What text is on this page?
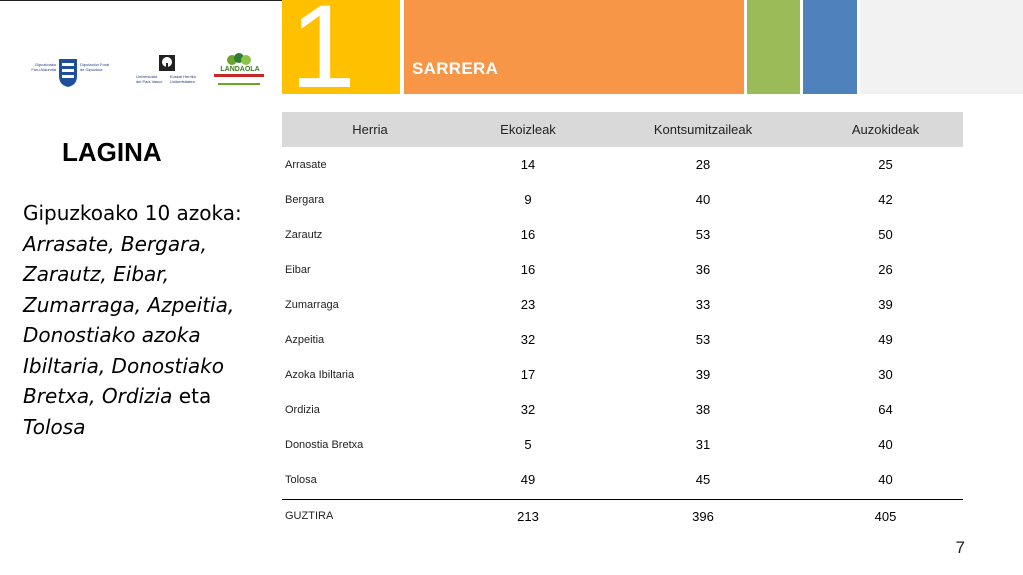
1	SARRERA
Gipuzkoako
Foru Aldundia
Diputación Foral
de Gipuzkoa
Universidad
del País Vasco
Euskal Herriko
Unibertsitatea
LANDAOLA
LAGINA
Gipuzkoako 10 azoka: Arrasate, Bergara, Zarautz, Eibar, Zumarraga, Azpeitia, Donostiako azoka Ibiltaria, Donostiako Bretxa, Ordizia eta Tolosa
Herria	Ekoizleak	Kontsumitzaileak	Auzokideak
Arrasate	14	28	25
Bergara	9	40	42
Zarautz	16	53	50
Eibar	16	36	26
Zumarraga	23	33	39
Azpeitia	32	53	49
Azoka Ibiltaria	17	39	30
Ordizia	32	38	64
Donostia Bretxa	5	31	40
Tolosa	49	45	40
GUZTIRA	213	396	405
7
